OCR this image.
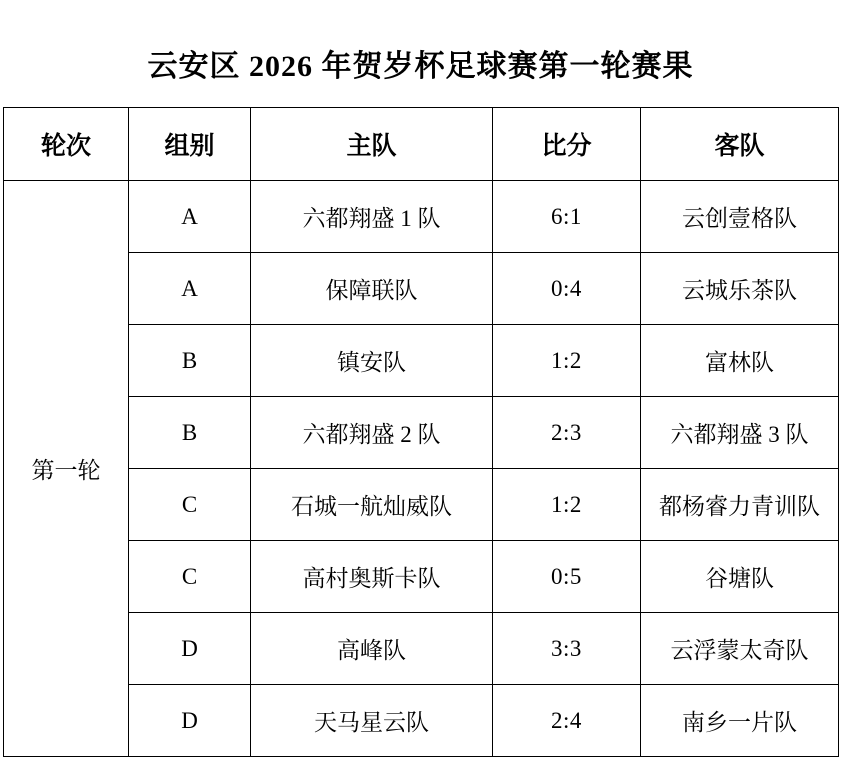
云安区 2026 年贺岁杯足球赛第一轮赛果
轮次	组别	主队	比分	客队
第一轮	A	六都翔盛 1 队	6:1	云创壹格队
	A	保障联队	0:4	云城乐茶队
	B	镇安队	1:2	富林队
	B	六都翔盛 2 队	2:3	六都翔盛 3 队
	C	石城一航灿威队	1:2	都杨睿力青训队
	C	高村奥斯卡队	0:5	谷塘队
	D	高峰队	3:3	云浮蒙太奇队
	D	天马星云队	2:4	南乡一片队
